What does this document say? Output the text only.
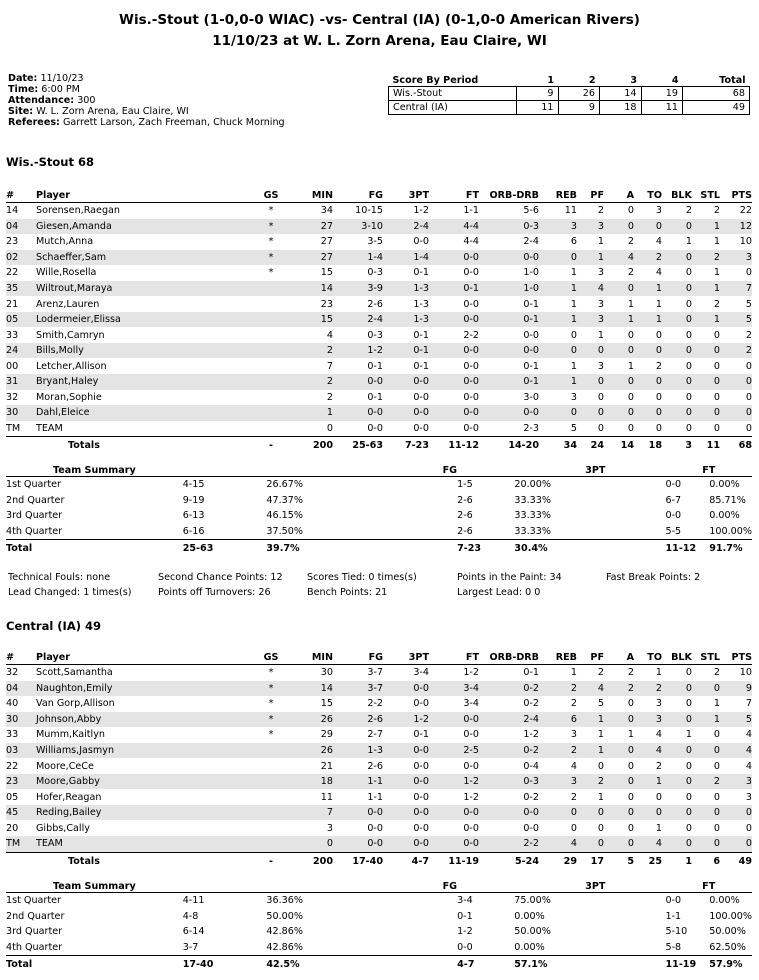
Wis.-Stout (1-0,0-0 WIAC) -vs- Central (IA) (0-1,0-0 American Rivers)
11/10/23 at W. L. Zorn Arena, Eau Claire, WI
Date: 11/10/23
Time: 6:00 PM
Attendance: 300
Site: W. L. Zorn Arena, Eau Claire, WI
Referees: Garrett Larson, Zach Freeman, Chuck Morning
Score By Period	1	2	3	4	Total
Wis.-Stout	9	26	14	19	68
Central (IA)	11	9	18	11	49
Wis.-Stout 68
#	Player	GS	MIN	FG	3PT	FT	ORB-DRB	REB	PF	A	TO	BLK	STL	PTS
14	Sorensen,Raegan	*	34	10-15	1-2	1-1	5-6	11	2	0	3	2	2	22
04	Giesen,Amanda	*	27	3-10	2-4	4-4	0-3	3	3	0	0	0	1	12
23	Mutch,Anna	*	27	3-5	0-0	4-4	2-4	6	1	2	4	1	1	10
02	Schaeffer,Sam	*	27	1-4	1-4	0-0	0-0	0	1	4	2	0	2	3
22	Wille,Rosella	*	15	0-3	0-1	0-0	1-0	1	3	2	4	0	1	0
35	Wiltrout,Maraya		14	3-9	1-3	0-1	1-0	1	4	0	1	0	1	7
21	Arenz,Lauren		23	2-6	1-3	0-0	0-1	1	3	1	1	0	2	5
05	Lodermeier,Elissa		15	2-4	1-3	0-0	0-1	1	3	1	1	0	1	5
33	Smith,Camryn		4	0-3	0-1	2-2	0-0	0	1	0	0	0	0	2
24	Bills,Molly		2	1-2	0-1	0-0	0-0	0	0	0	0	0	0	2
00	Letcher,Allison		7	0-1	0-1	0-0	0-1	1	3	1	2	0	0	0
31	Bryant,Haley		2	0-0	0-0	0-0	0-1	1	0	0	0	0	0	0
32	Moran,Sophie		2	0-1	0-0	0-0	3-0	3	0	0	0	0	0	0
30	Dahl,Eleice		1	0-0	0-0	0-0	0-0	0	0	0	0	0	0	0
TM	TEAM		0	0-0	0-0	0-0	2-3	5	0	0	0	0	0	0
	Totals	-	200	25-63	7-23	11-12	14-20	34	24	14	18	3	11	68
Team Summary	FG		3PT		FT	
1st Quarter	4-15	26.67%	1-5	20.00%	0-0	0.00%
2nd Quarter	9-19	47.37%	2-6	33.33%	6-7	85.71%
3rd Quarter	6-13	46.15%	2-6	33.33%	0-0	0.00%
4th Quarter	6-16	37.50%	2-6	33.33%	5-5	100.00%
Total	25-63	39.7%	7-23	30.4%	11-12	91.7%
Technical Fouls: none	Second Chance Points: 12	Scores Tied: 0 times(s)	Points in the Paint: 34	Fast Break Points: 2
Lead Changed: 1 times(s)	Points off Turnovers: 26	Bench Points: 21	Largest Lead: 0 0
Central (IA) 49
#	Player	GS	MIN	FG	3PT	FT	ORB-DRB	REB	PF	A	TO	BLK	STL	PTS
32	Scott,Samantha	*	30	3-7	3-4	1-2	0-1	1	2	2	1	0	2	10
04	Naughton,Emily	*	14	3-7	0-0	3-4	0-2	2	4	2	2	0	0	9
40	Van Gorp,Allison	*	15	2-2	0-0	3-4	0-2	2	5	0	3	0	1	7
30	Johnson,Abby	*	26	2-6	1-2	0-0	2-4	6	1	0	3	0	1	5
33	Mumm,Kaitlyn	*	29	2-7	0-1	0-0	1-2	3	1	1	4	1	0	4
03	Williams,Jasmyn		26	1-3	0-0	2-5	0-2	2	1	0	4	0	0	4
22	Moore,CeCe		21	2-6	0-0	0-0	0-4	4	0	0	2	0	0	4
23	Moore,Gabby		18	1-1	0-0	1-2	0-3	3	2	0	1	0	2	3
05	Hofer,Reagan		11	1-1	0-0	1-2	0-2	2	1	0	0	0	0	3
45	Reding,Bailey		7	0-0	0-0	0-0	0-0	0	0	0	0	0	0	0
20	Gibbs,Cally		3	0-0	0-0	0-0	0-0	0	0	0	1	0	0	0
TM	TEAM		0	0-0	0-0	0-0	2-2	4	0	0	4	0	0	0
	Totals	-	200	17-40	4-7	11-19	5-24	29	17	5	25	1	6	49
Team Summary	FG		3PT		FT	
1st Quarter	4-11	36.36%	3-4	75.00%	0-0	0.00%
2nd Quarter	4-8	50.00%	0-1	0.00%	1-1	100.00%
3rd Quarter	6-14	42.86%	1-2	50.00%	5-10	50.00%
4th Quarter	3-7	42.86%	0-0	0.00%	5-8	62.50%
Total	17-40	42.5%	4-7	57.1%	11-19	57.9%
